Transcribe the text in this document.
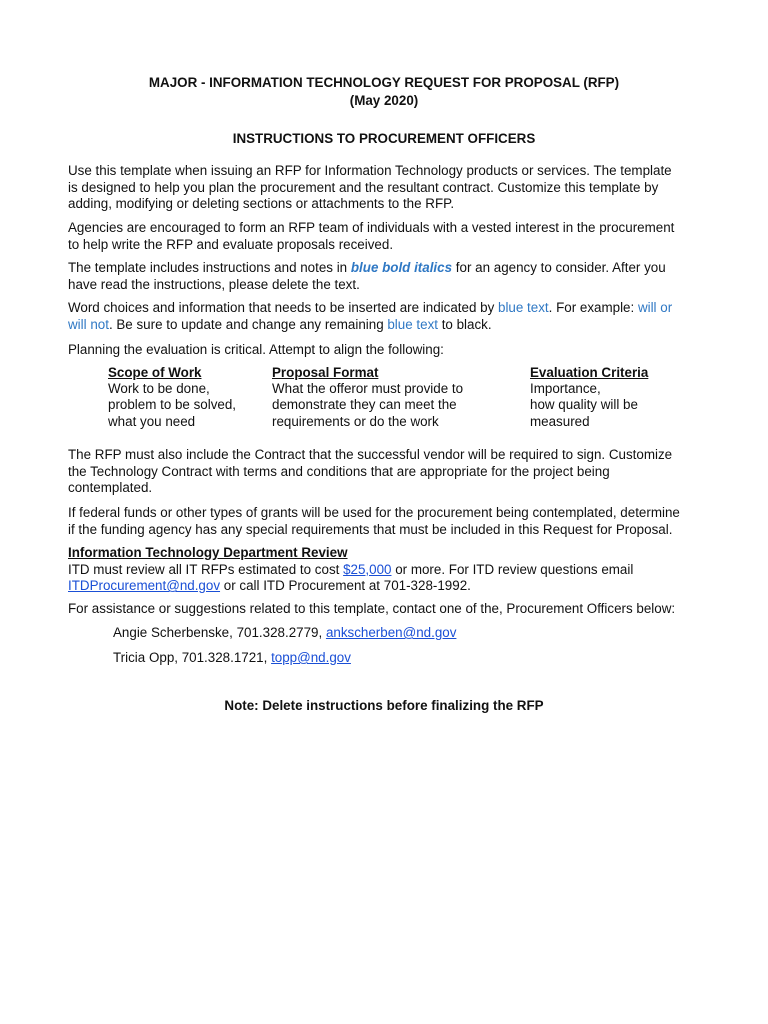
MAJOR - INFORMATION TECHNOLOGY REQUEST FOR PROPOSAL (RFP)
(May 2020)
INSTRUCTIONS TO PROCUREMENT OFFICERS
Use this template when issuing an RFP for Information Technology products or services. The template
is designed to help you plan the procurement and the resultant contract. Customize this template by
adding, modifying or deleting sections or attachments to the RFP.
Agencies are encouraged to form an RFP team of individuals with a vested interest in the procurement
to help write the RFP and evaluate proposals received.
The template includes instructions and notes in blue bold italics for an agency to consider. After you
have read the instructions, please delete the text.
Word choices and information that needs to be inserted are indicated by blue text. For example: will or
will not. Be sure to update and change any remaining blue text to black.
Planning the evaluation is critical. Attempt to align the following:
Scope of Work
Work to be done,
problem to be solved,
what you need
Proposal Format
What the offeror must provide to
demonstrate they can meet the
requirements or do the work
Evaluation Criteria
Importance,
how quality will be
measured
The RFP must also include the Contract that the successful vendor will be required to sign. Customize
the Technology Contract with terms and conditions that are appropriate for the project being
contemplated.
If federal funds or other types of grants will be used for the procurement being contemplated, determine
if the funding agency has any special requirements that must be included in this Request for Proposal.
Information Technology Department Review
ITD must review all IT RFPs estimated to cost $25,000 or more. For ITD review questions email
ITDProcurement@nd.gov or call ITD Procurement at 701-328-1992.
For assistance or suggestions related to this template, contact one of the, Procurement Officers below:
Angie Scherbenske, 701.328.2779, ankscherben@nd.gov
Tricia Opp, 701.328.1721, topp@nd.gov
Note: Delete instructions before finalizing the RFP
